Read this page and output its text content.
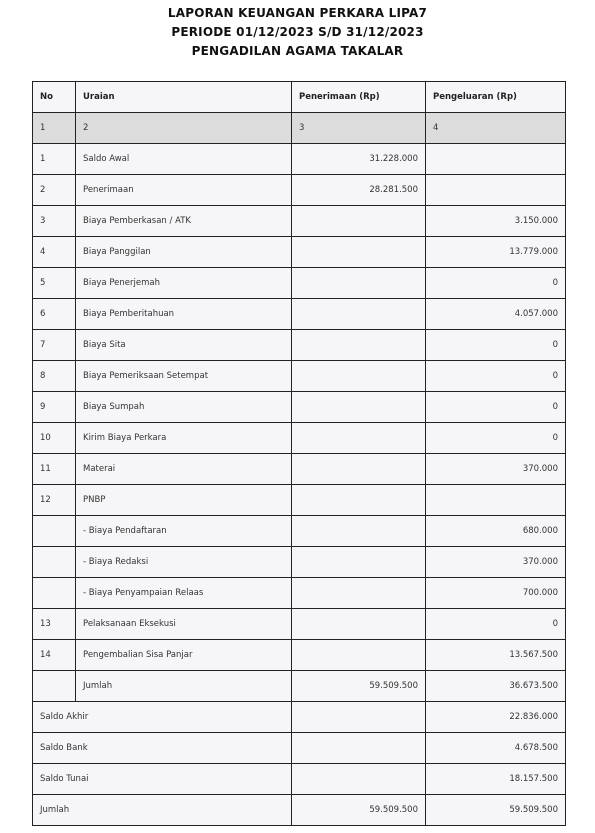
LAPORAN KEUANGAN PERKARA LIPA7
PERIODE 01/12/2023 S/D 31/12/2023
PENGADILAN AGAMA TAKALAR
No	Uraian	Penerimaan (Rp)	Pengeluaran (Rp)
1	2	3	4
1	Saldo Awal	31.228.000	
2	Penerimaan	28.281.500	
3	Biaya Pemberkasan / ATK		3.150.000
4	Biaya Panggilan		13.779.000
5	Biaya Penerjemah		0
6	Biaya Pemberitahuan		4.057.000
7	Biaya Sita		0
8	Biaya Pemeriksaan Setempat		0
9	Biaya Sumpah		0
10	Kirim Biaya Perkara		0
11	Materai		370.000
12	PNBP		
	- Biaya Pendaftaran		680.000
	- Biaya Redaksi		370.000
	- Biaya Penyampaian Relaas		700.000
13	Pelaksanaan Eksekusi		0
14	Pengembalian Sisa Panjar		13.567.500
	Jumlah	59.509.500	36.673.500
Saldo Akhir			22.836.000
Saldo Bank			4.678.500
Saldo Tunai			18.157.500
Jumlah		59.509.500	59.509.500
